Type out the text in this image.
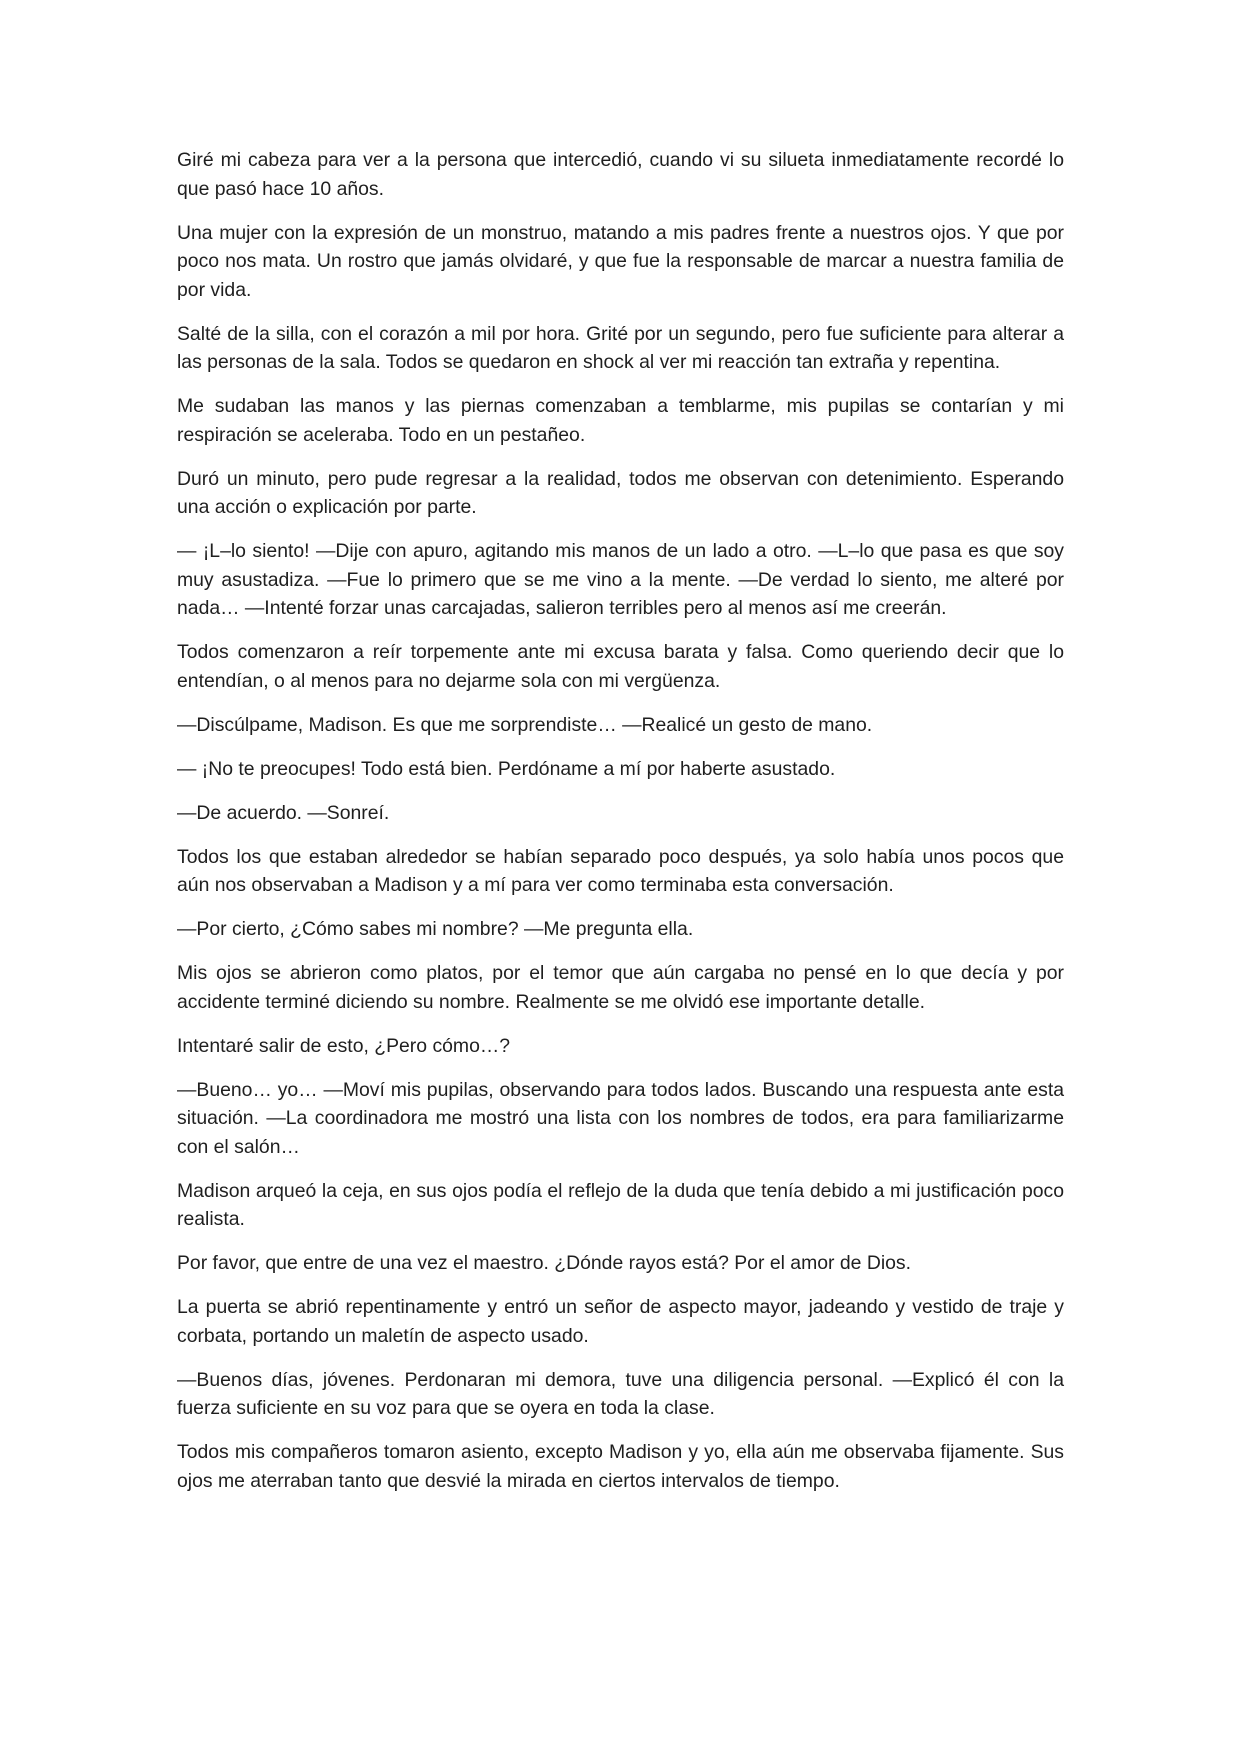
Giré mi cabeza para ver a la persona que intercedió, cuando vi su silueta inmediatamente recordé lo que pasó hace 10 años.

Una mujer con la expresión de un monstruo, matando a mis padres frente a nuestros ojos. Y que por poco nos mata. Un rostro que jamás olvidaré, y que fue la responsable de marcar a nuestra familia de por vida.

Salté de la silla, con el corazón a mil por hora. Grité por un segundo, pero fue suficiente para alterar a las personas de la sala. Todos se quedaron en shock al ver mi reacción tan extraña y repentina.

Me sudaban las manos y las piernas comenzaban a temblarme, mis pupilas se contarían y mi respiración se aceleraba. Todo en un pestañeo.

Duró un minuto, pero pude regresar a la realidad, todos me observan con detenimiento. Esperando una acción o explicación por parte.

— ¡L–lo siento! —Dije con apuro, agitando mis manos de un lado a otro. —L–lo que pasa es que soy muy asustadiza. —Fue lo primero que se me vino a la mente. —De verdad lo siento, me alteré por nada… —Intenté forzar unas carcajadas, salieron terribles pero al menos así me creerán.

Todos comenzaron a reír torpemente ante mi excusa barata y falsa. Como queriendo decir que lo entendían, o al menos para no dejarme sola con mi vergüenza.

—Discúlpame, Madison. Es que me sorprendiste… —Realicé un gesto de mano.

— ¡No te preocupes! Todo está bien. Perdóname a mí por haberte asustado.

—De acuerdo. —Sonreí.

Todos los que estaban alrededor se habían separado poco después, ya solo había unos pocos que aún nos observaban a Madison y a mí para ver como terminaba esta conversación.

—Por cierto, ¿Cómo sabes mi nombre? —Me pregunta ella.

Mis ojos se abrieron como platos, por el temor que aún cargaba no pensé en lo que decía y por accidente terminé diciendo su nombre. Realmente se me olvidó ese importante detalle.

Intentaré salir de esto, ¿Pero cómo…?

—Bueno… yo… —Moví mis pupilas, observando para todos lados. Buscando una respuesta ante esta situación. —La coordinadora me mostró una lista con los nombres de todos, era para familiarizarme con el salón…

Madison arqueó la ceja, en sus ojos podía el reflejo de la duda que tenía debido a mi justificación poco realista.

Por favor, que entre de una vez el maestro. ¿Dónde rayos está? Por el amor de Dios.

La puerta se abrió repentinamente y entró un señor de aspecto mayor, jadeando y vestido de traje y corbata, portando un maletín de aspecto usado.

—Buenos días, jóvenes. Perdonaran mi demora, tuve una diligencia personal. —Explicó él con la fuerza suficiente en su voz para que se oyera en toda la clase.

Todos mis compañeros tomaron asiento, excepto Madison y yo, ella aún me observaba fijamente. Sus ojos me aterraban tanto que desvié la mirada en ciertos intervalos de tiempo.
